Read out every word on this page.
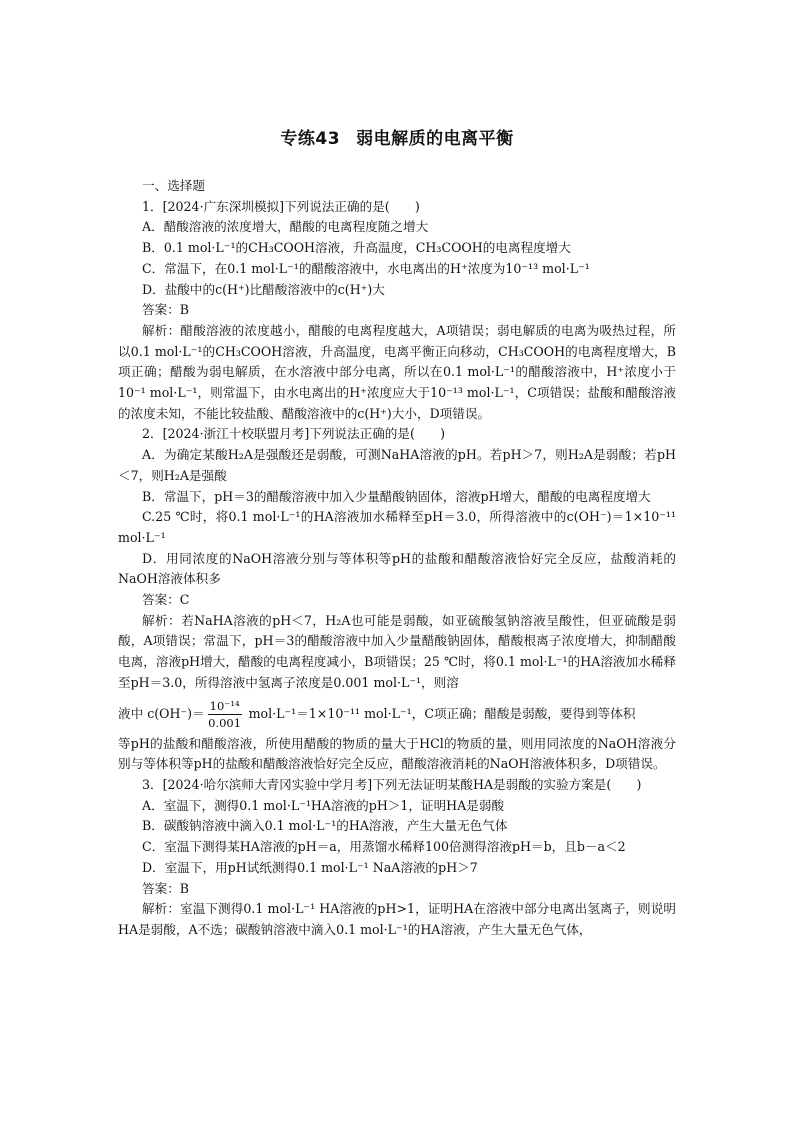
专练43 弱电解质的电离平衡

一、选择题

1．[2024·广东深圳模拟]下列说法正确的是(　　)

A．醋酸溶液的浓度增大，醋酸的电离程度随之增大

B．0.1 mol·L⁻¹的CH₃COOH溶液，升高温度，CH₃COOH的电离程度增大

C．常温下，在0.1 mol·L⁻¹的醋酸溶液中，水电离出的H⁺浓度为10⁻¹³ mol·L⁻¹

D．盐酸中的c(H⁺)比醋酸溶液中的c(H⁺)大

答案：B

解析：醋酸溶液的浓度越小，醋酸的电离程度越大，A项错误；弱电解质的电离为吸热过程，所以0.1 mol·L⁻¹的CH₃COOH溶液，升高温度，电离平衡正向移动，CH₃COOH的电离程度增大，B项正确；醋酸为弱电解质，在水溶液中部分电离，所以在0.1 mol·L⁻¹的醋酸溶液中，H⁺浓度小于10⁻¹ mol·L⁻¹，则常温下，由水电离出的H⁺浓度应大于10⁻¹³ mol·L⁻¹，C项错误；盐酸和醋酸溶液的浓度未知，不能比较盐酸、醋酸溶液中的c(H⁺)大小，D项错误。

2．[2024·浙江十校联盟月考]下列说法正确的是(　　)

A．为确定某酸H₂A是强酸还是弱酸，可测NaHA溶液的pH。若pH＞7，则H₂A是弱酸；若pH＜7，则H₂A是强酸

B．常温下，pH＝3的醋酸溶液中加入少量醋酸钠固体，溶液pH增大，醋酸的电离程度增大

C.25 ℃时，将0.1 mol·L⁻¹的HA溶液加水稀释至pH＝3.0，所得溶液中的c(OH⁻)＝1×10⁻¹¹ mol·L⁻¹

D．用同浓度的NaOH溶液分别与等体积等pH的盐酸和醋酸溶液恰好完全反应，盐酸消耗的NaOH溶液体积多

答案：C

解析：若NaHA溶液的pH＜7，H₂A也可能是弱酸，如亚硫酸氢钠溶液呈酸性，但亚硫酸是弱酸，A项错误；常温下，pH＝3的醋酸溶液中加入少量醋酸钠固体，醋酸根离子浓度增大，抑制醋酸电离，溶液pH增大，醋酸的电离程度减小，B项错误；25 ℃时，将0.1 mol·L⁻¹的HA溶液加水稀释至pH＝3.0，所得溶液中氢离子浓度是0.001 mol·L⁻¹，则溶

液中 $c(OH^-)= \frac{\text{10⁻¹⁴}}{0.001} mol\cdot L^{-1}=1\times 10^{-11}$ mol·L⁻¹，C项正确；醋酸是弱酸，要得到等体积

等pH的盐酸和醋酸溶液，所使用醋酸的物质的量大于HCl的物质的量，则用同浓度的NaOH溶液分别与等体积等pH的盐酸和醋酸溶液恰好完全反应，醋酸溶液消耗的NaOH溶液体积多，D项错误。

3．[2024·哈尔滨师大青冈实验中学月考]下列无法证明某酸HA是弱酸的实验方案是(　　)

A．室温下，测得0.1 mol·L⁻¹HA溶液的pH＞1，证明HA是弱酸

B．碳酸钠溶液中滴入0.1 mol·L⁻¹的HA溶液，产生大量无色气体

C．室温下测得某HA溶液的pH＝a，用蒸馏水稀释100倍测得溶液pH＝b，且b－a＜2

D．室温下，用pH试纸测得0.1 mol·L⁻¹ NaA溶液的pH＞7

答案：B

解析：室温下测得0.1 mol·L⁻¹ HA溶液的pH>1，证明HA在溶液中部分电离出氢离子，则说明HA是弱酸，A不选；碳酸钠溶液中滴入0.1 mol·L⁻¹的HA溶液，产生大量无色气体，
